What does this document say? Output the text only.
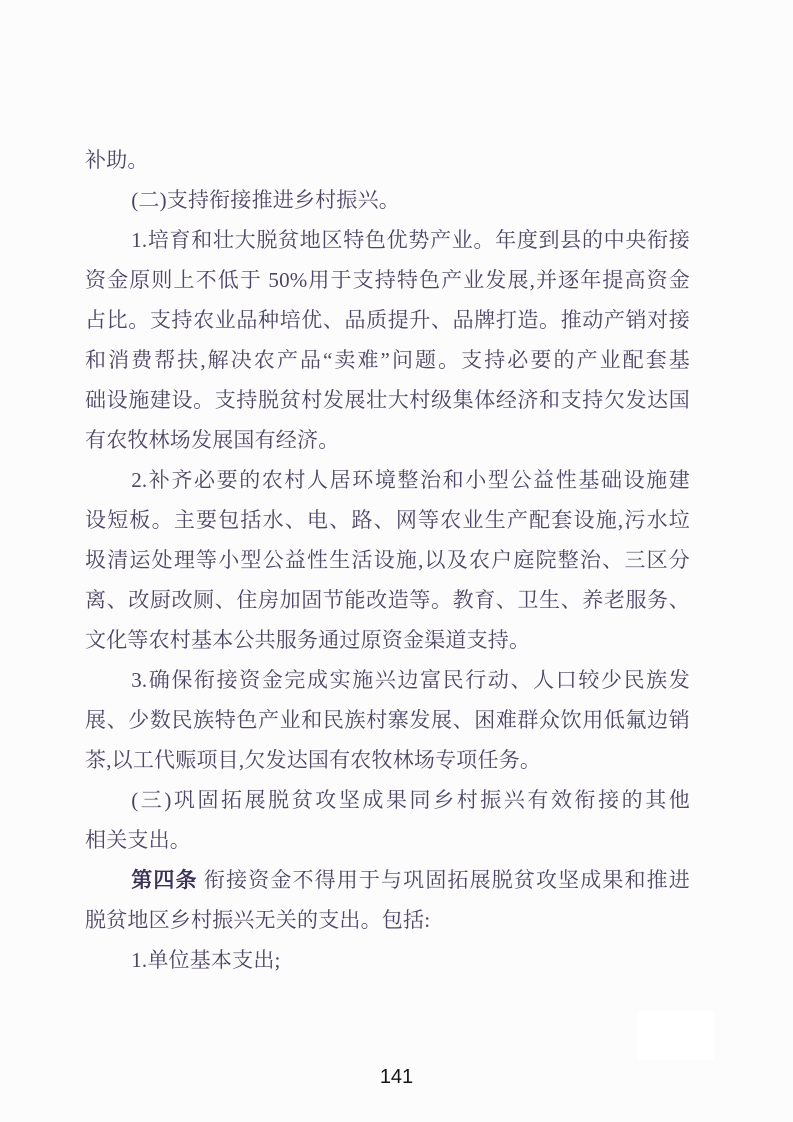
补助。
(二)支持衔接推进乡村振兴。
1.培育和壮大脱贫地区特色优势产业。年度到县的中央衔接
资金原则上不低于 50%用于支持特色产业发展,并逐年提高资金
占比。支持农业品种培优、品质提升、品牌打造。推动产销对接
和消费帮扶,解决农产品“卖难”问题。支持必要的产业配套基
础设施建设。支持脱贫村发展壮大村级集体经济和支持欠发达国
有农牧林场发展国有经济。
2.补齐必要的农村人居环境整治和小型公益性基础设施建
设短板。主要包括水、电、路、网等农业生产配套设施,污水垃
圾清运处理等小型公益性生活设施,以及农户庭院整治、三区分
离、改厨改厕、住房加固节能改造等。教育、卫生、养老服务、
文化等农村基本公共服务通过原资金渠道支持。
3.确保衔接资金完成实施兴边富民行动、人口较少民族发
展、少数民族特色产业和民族村寨发展、困难群众饮用低氟边销
茶,以工代赈项目,欠发达国有农牧林场专项任务。
(三)巩固拓展脱贫攻坚成果同乡村振兴有效衔接的其他
相关支出。
第四条 衔接资金不得用于与巩固拓展脱贫攻坚成果和推进
脱贫地区乡村振兴无关的支出。包括:
1.单位基本支出;
141
